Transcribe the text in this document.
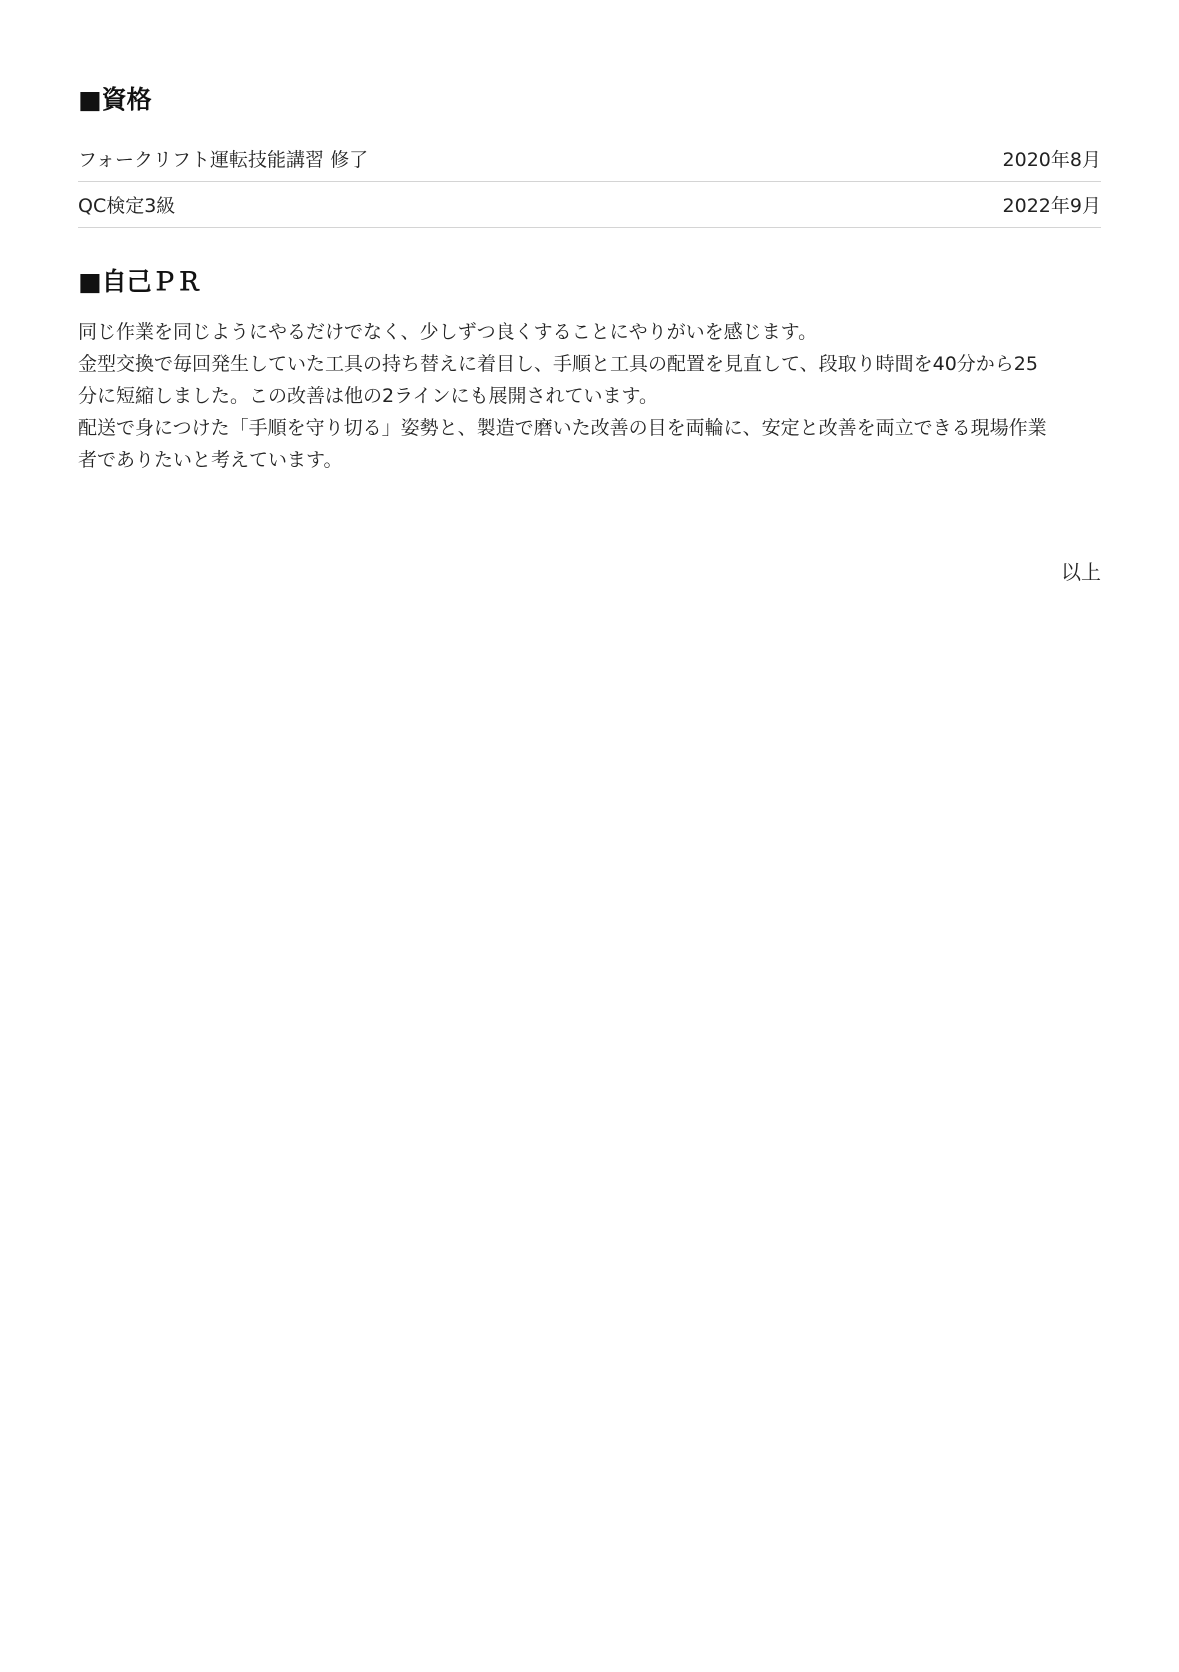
■資格
フォークリフト運転技能講習 修了	2020年8月
QC検定3級	2022年9月
■自己ＰＲ
同じ作業を同じようにやるだけでなく、少しずつ良くすることにやりがいを感じます。
金型交換で毎回発生していた工具の持ち替えに着目し、手順と工具の配置を見直して、段取り時間を40分から25
分に短縮しました。この改善は他の2ラインにも展開されています。
配送で身につけた「手順を守り切る」姿勢と、製造で磨いた改善の目を両輪に、安定と改善を両立できる現場作業
者でありたいと考えています。
以上
